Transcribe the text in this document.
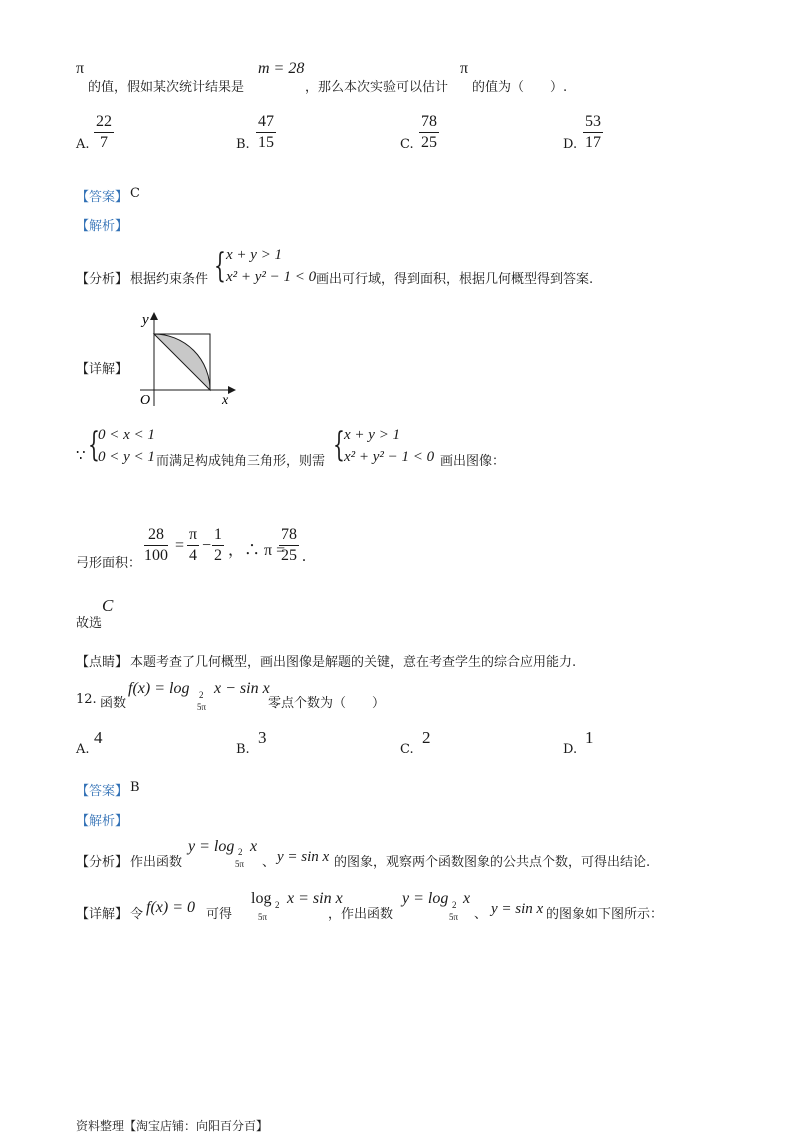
π
的值，假如某次统计结果是
m = 28
，那么本次实验可以估计
π
的值为（　　）.
A. $\frac{22}{7}$	B. $\frac{47}{15}$	C. $\frac{78}{25}$	D. $\frac{53}{17}$
【答案】 C
【解析】
【分析】 根据约束条件 { x + y > 1
x² + y² − 1 < 0 画出可行域，得到面积，根据几何概型得到答案.
【详解】
y
O	x
∵ {
0 < x < 1
0 < y < 1 而满足构成钝角三角形，则需 { x + y > 1
x² + y² − 1 < 0 画出图像：
弓形面积： $\frac{28}{100} = \frac{\pi}{4} - \frac{1}{2}$ ，∴ π =
$\frac{78}{25}$ .
故选
C
【点睛】 本题考查了几何概型，画出图像是解题的关键，意在考查学生的综合应用能力.
12. 函数
f(x) = log 2
5π
x − sin x
零点个数为（　　）
A.
4
B.
3
C.
2
D.
1
【答案】 B
【解析】
【分析】 作出函数
y = log 2
5π
x
、 y = sin x 的图象，观察两个函数图象的公共点个数，可得出结论.
【详解】 令 f(x) = 0 可得
log 2
5π
x = sin x
，作出函数
y = log 2
5π
x
、 y = sin x 的图象如下图所示：
资料整理【淘宝店铺：向阳百分百】
